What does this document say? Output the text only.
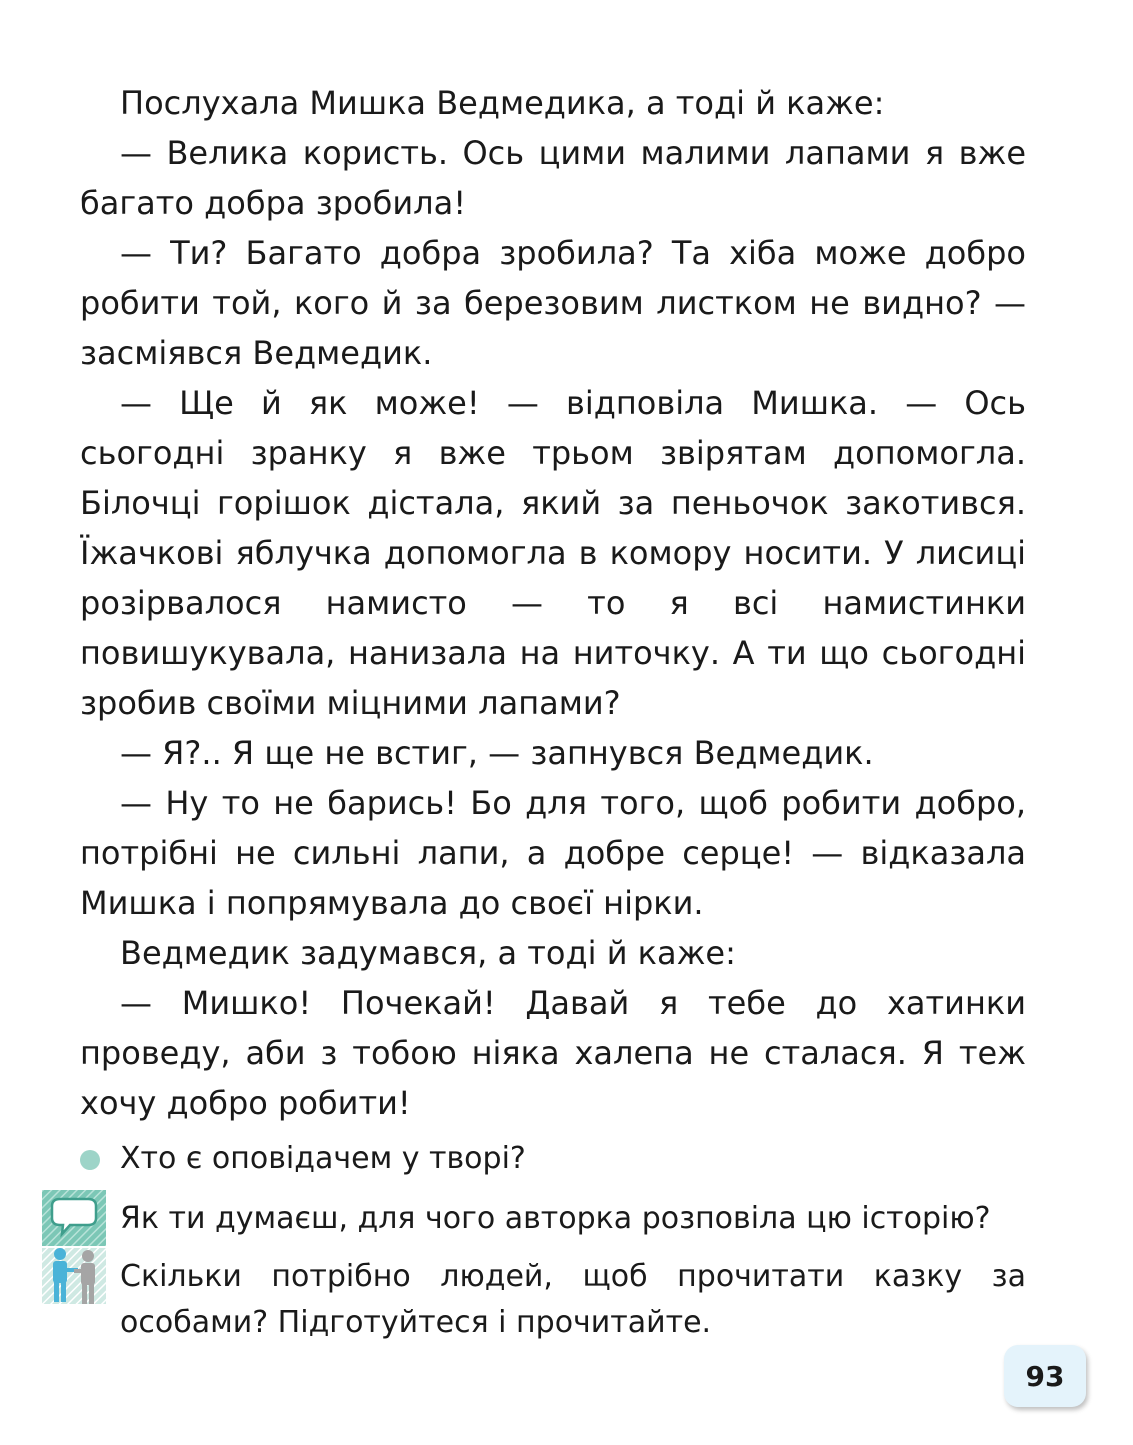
Послухала Мишка Ведмедика, а тоді й каже:

— Велика користь. Ось цими малими лапами я вже багато добра зробила!

— Ти? Багато добра зробила? Та хіба може добро робити той, кого й за березовим листком не видно? — засміявся Ведмедик.

— Ще й як може! — відповіла Мишка. — Ось сьогодні зранку я вже трьом звірятам допомогла. Білочці горішок дістала, який за пеньочок закотився. Їжачкові яблучка допомогла в комору носити. У лисиці розірвалося намисто — то я всі намистинки повишукувала, нанизала на ниточку. А ти що сьогодні зробив своїми міцними лапами?

— Я?.. Я ще не встиг, — запнувся Ведмедик.

— Ну то не барись! Бо для того, щоб робити добро, потрібні не сильні лапи, а добре серце! — відказала Мишка і попрямувала до своєї нірки.

Ведмедик задумався, а тоді й каже:

— Мишко! Почекай! Давай я тебе до хатинки проведу, аби з тобою ніяка халепа не сталася. Я теж хочу добро робити!

Хто є оповідачем у творі?
Як ти думаєш, для чого авторка розповіла цю історію?
Скільки потрібно людей, щоб прочитати казку за особами? Підготуйтеся і прочитайте.
93
